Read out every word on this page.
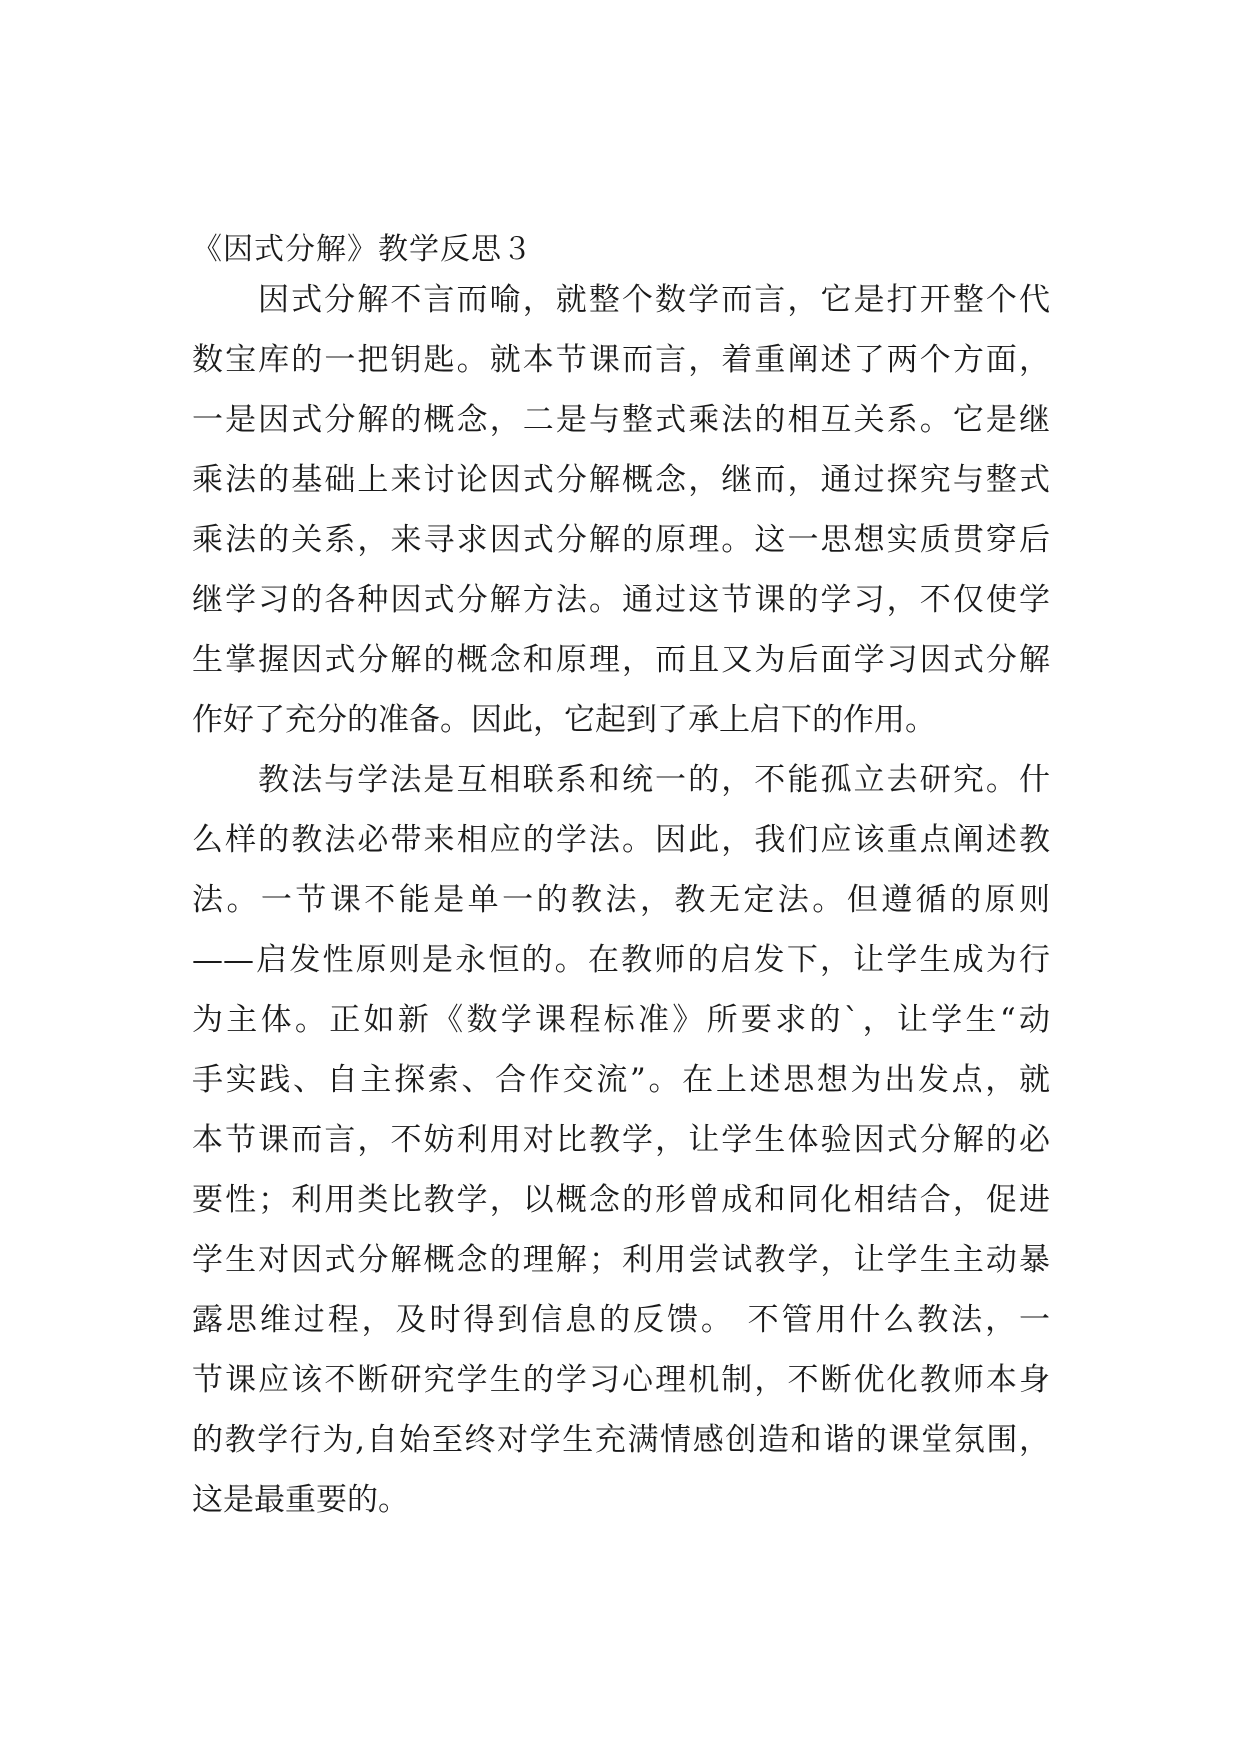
《因式分解》教学反思３
因式分解不言而喻，就整个数学而言，它是打开整个代
数宝库的一把钥匙。就本节课而言，着重阐述了两个方面，
一是因式分解的概念，二是与整式乘法的相互关系。它是继
乘法的基础上来讨论因式分解概念，继而，通过探究与整式
乘法的关系，来寻求因式分解的原理。这一思想实质贯穿后
继学习的各种因式分解方法。通过这节课的学习，不仅使学
生掌握因式分解的概念和原理，而且又为后面学习因式分解
作好了充分的准备。因此，它起到了承上启下的作用。
教法与学法是互相联系和统一的，不能孤立去研究。什
么样的教法必带来相应的学法。因此，我们应该重点阐述教
法。一节课不能是单一的教法，教无定法。但遵循的原则
——启发性原则是永恒的。在教师的启发下，让学生成为行
为主体。正如新《数学课程标准》所要求的`，让学生“动
手实践、自主探索、合作交流”。在上述思想为出发点，就
本节课而言，不妨利用对比教学，让学生体验因式分解的必
要性；利用类比教学，以概念的形曾成和同化相结合，促进
学生对因式分解概念的理解；利用尝试教学，让学生主动暴
露思维过程，及时得到信息的反馈。 不管用什么教法，一
节课应该不断研究学生的学习心理机制，不断优化教师本身
的教学行为,自始至终对学生充满情感创造和谐的课堂氛围，
这是最重要的。
